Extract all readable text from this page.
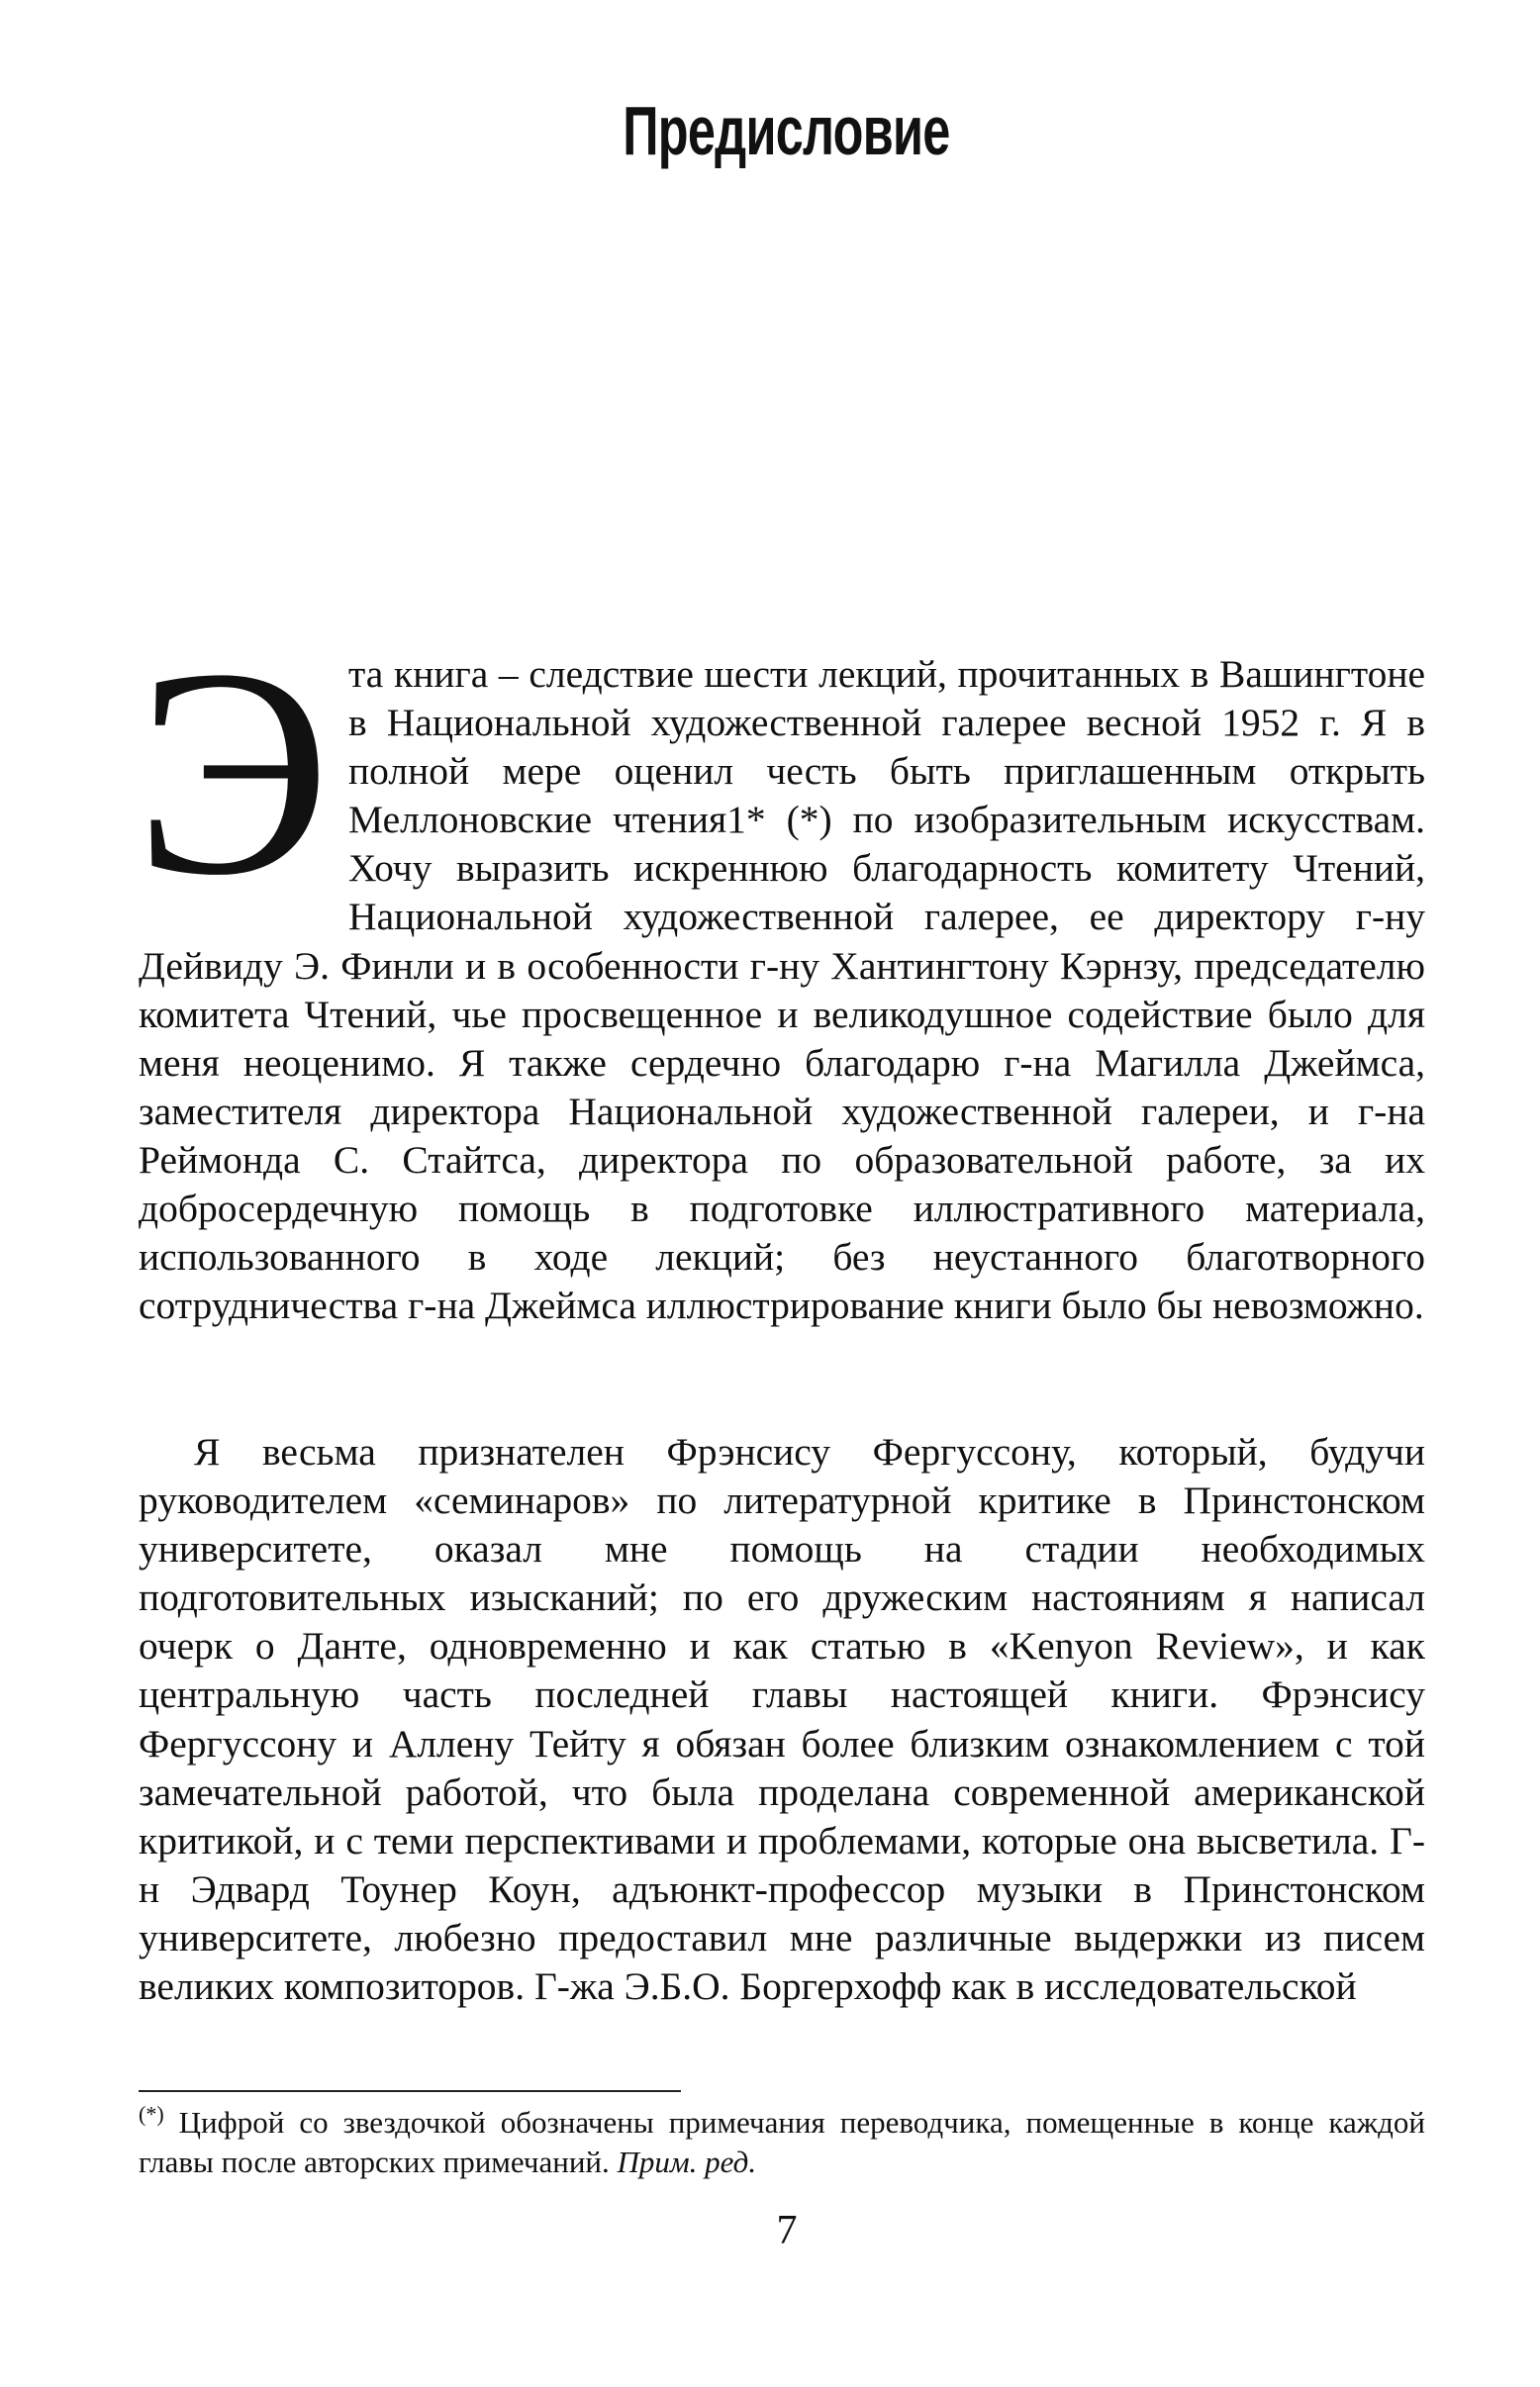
Предисловие
Э та книга – следствие шести лекций, прочитанных в Вашингтоне в Национальной художественной галерее весной 1952 г. Я в полной мере оценил честь быть приглашенным открыть Меллоновские чтения1* (*) по изобразительным искусствам. Хочу выразить искреннюю благодарность комитету Чтений, Национальной художественной галерее, ее директору г-ну Дейвиду Э. Финли и в особенности г-ну Хантингтону Кэрнзу, председателю комитета Чтений, чье просвещенное и великодушное содействие было для меня неоценимо. Я также сердечно благодарю г-на Магилла Джеймса, заместителя директора Национальной художественной галереи, и г-на Реймонда С. Стайтса, директора по образовательной работе, за их добросердечную помощь в подготовке иллюстративного материала, использованного в ходе лекций; без неустанного благотворного сотрудничества г-на Джеймса иллюстрирование книги было бы невозможно.

Я весьма признателен Фрэнсису Фергуссону, который, будучи руководителем «семинаров» по литературной критике в Принстонском университете, оказал мне помощь на стадии необходимых подготовительных изысканий; по его дружеским настояниям я написал очерк о Данте, одновременно и как статью в «Kenyon Review», и как центральную часть последней главы настоящей книги. Фрэнсису Фергуссону и Аллену Тейту я обязан более близким ознакомлением с той замечательной работой, что была проделана современной американской критикой, и с теми перспективами и проблемами, которые она высветила. Г-н Эдвард Тоунер Коун, адъюнкт-профессор музыки в Принстонском университете, любезно предоставил мне различные выдержки из писем великих композиторов. Г-жа Э.Б.О. Боргерхофф как в исследовательской

(*) Цифрой со звездочкой обозначены примечания переводчика, помещенные в конце каждой главы после авторских примечаний. Прим. ред.

7
